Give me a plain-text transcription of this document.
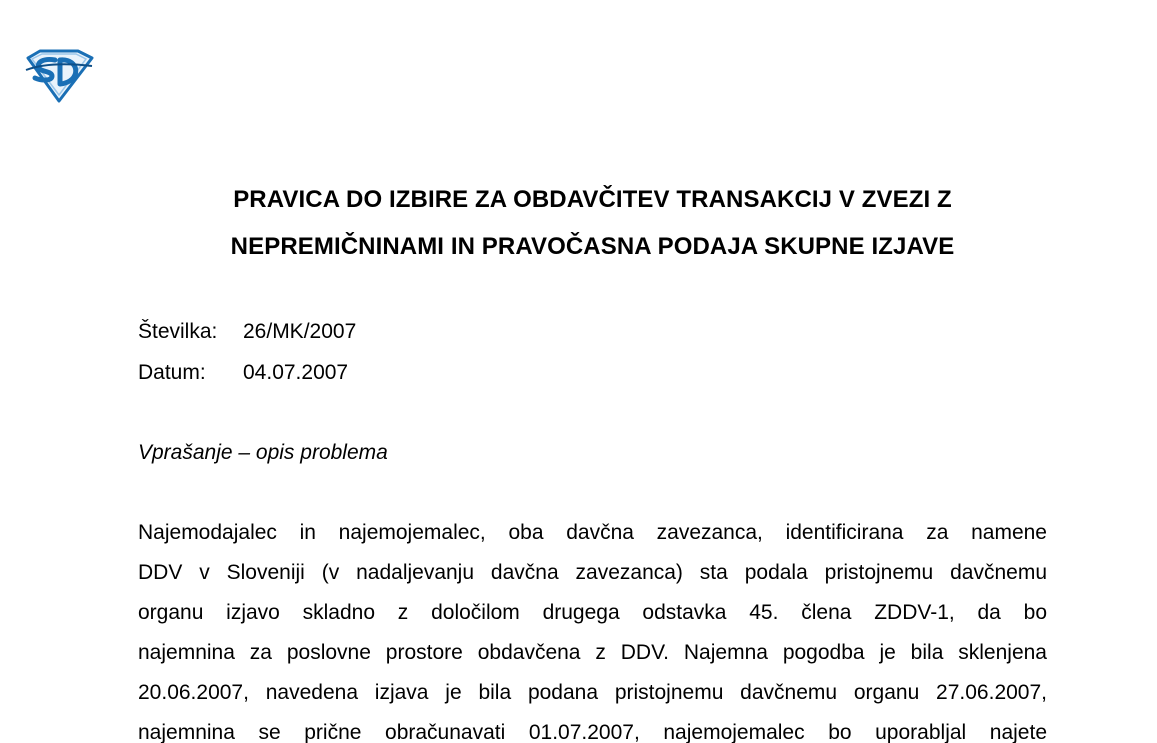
PRAVICA DO IZBIRE ZA OBDAVČITEV TRANSAKCIJ V ZVEZI Z
NEPREMIČNINAMI IN PRAVOČASNA PODAJA SKUPNE IZJAVE
Številka: 26/MK/2007
Datum: 04.07.2007
Vprašanje – opis problema
Najemodajalec in najemojemalec, oba davčna zavezanca, identificirana za namene
DDV v Sloveniji (v nadaljevanju davčna zavezanca) sta podala pristojnemu davčnemu
organu izjavo skladno z določilom drugega odstavka 45. člena ZDDV-1, da bo
najemnina za poslovne prostore obdavčena z DDV. Najemna pogodba je bila sklenjena
20.06.2007, navedena izjava je bila podana pristojnemu davčnemu organu 27.06.2007,
najemnina se prične obračunavati 01.07.2007, najemojemalec bo uporabljal najete
